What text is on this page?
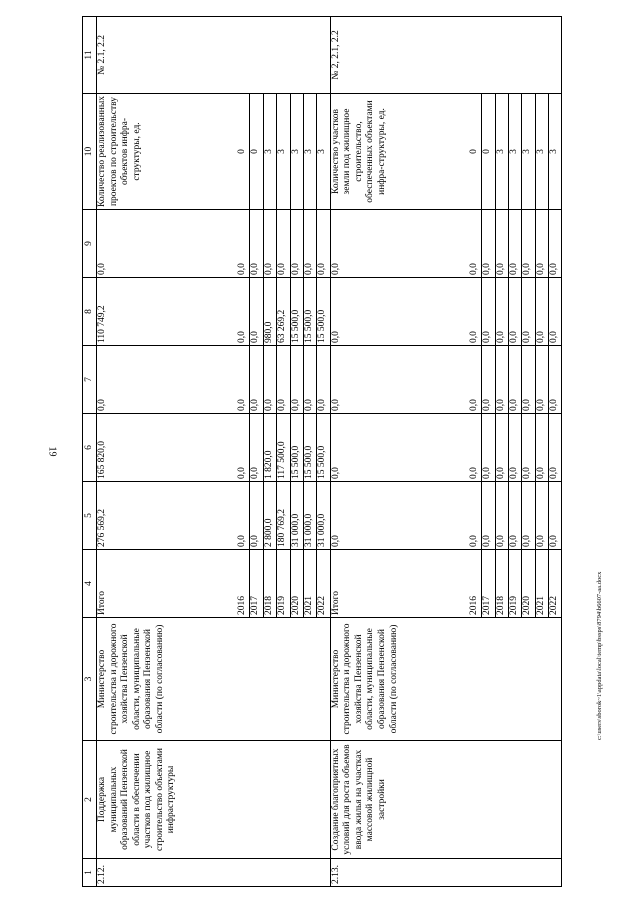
19
c:\users\sborok~1\appdata\local\temp\bssps\8794\b6607-aa.docx
1	2	3	4	5	6	7	8	9	10	11
2.12.	Поддержка муниципальных образований Пензенской области в обеспечении участков под жилищное строительство объектами инфраструктуры	Министерство строительства и дорожного хозяйства Пензенской области, муниципальные образования Пензенской области (по согласованию)	Итого	276 569,2	165 820,0	0,0	110 749,2	0,0	Количество реализованных проектов по строительству объектов инфра-структуры, ед.	№ 2.1, 2.2
			2016	0,0	0,0	0,0	0,0	0,0	0	
			2017	0,0	0,0	0,0	0,0	0,0	0	
			2018	2 800,0	1 820,0	0,0	980,0	0,0	3	
			2019	180 769,2	117 500,0	0,0	63 269,2	0,0	3	
			2020	31 000,0	15 500,0	0,0	15 500,0	0,0	3	
			2021	31 000,0	15 500,0	0,0	15 500,0	0,0	3	
			2022	31 000,0	15 500,0	0,0	15 500,0	0,0	3	
2.13.	Создание благоприятных условий для роста объемов ввода жилья на участках массовой жилищной застройки	Министерство строительства и дорожного хозяйства Пензенской области, муниципальные образования Пензенской области (по согласованию)	Итого	0,0	0,0	0,0	0,0	0,0	Количество участков земли под жилищное строительство, обеспеченных объектами инфра-структуры, ед.	№ 2, 2.1, 2.2
			2016	0,0	0,0	0,0	0,0	0,0	0	
			2017	0,0	0,0	0,0	0,0	0,0	0	
			2018	0,0	0,0	0,0	0,0	0,0	3	
			2019	0,0	0,0	0,0	0,0	0,0	3	
			2020	0,0	0,0	0,0	0,0	0,0	3	
			2021	0,0	0,0	0,0	0,0	0,0	3	
			2022	0,0	0,0	0,0	0,0	0,0	3	
